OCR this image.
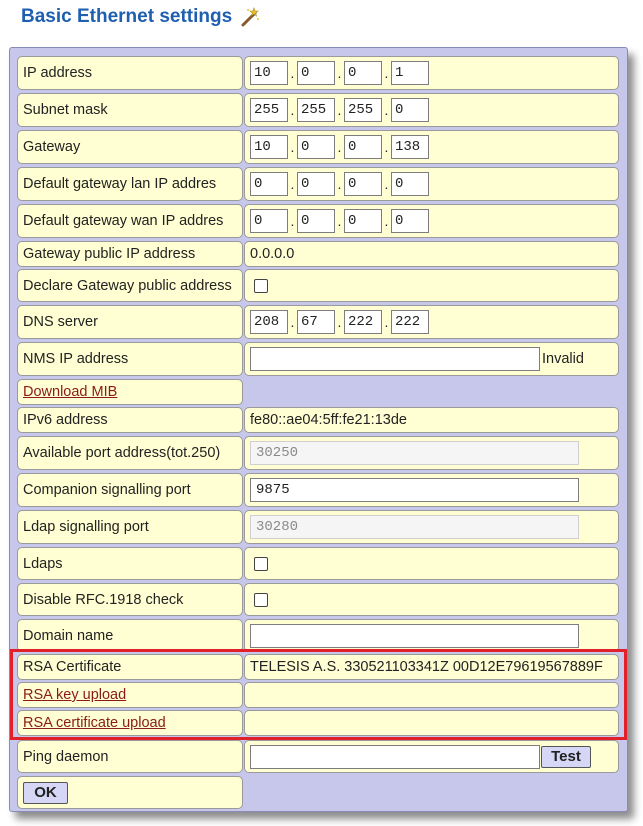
Basic Ethernet settings
IP address	10	. 0	. 0	. 1
Subnet mask	255 . 255 . 255 . 0
Gateway	10	. 0	. 0	. 138
Default gateway lan IP addres	0	. 0	. 0	. 0
Default gateway wan IP addres	0	. 0	. 0	. 0
Gateway public IP address	0.0.0.0
Declare Gateway public address
DNS server	208 . 67	. 222 . 222
NMS IP address	Invalid
Download MIB
IPv6 address	fe80::ae04:5ff:fe21:13de
Available port address(tot.250)	30250
Companion signalling port	9875
Ldap signalling port	30280
Ldaps
Disable RFC.1918 check
Domain name
RSA Certificate	TELESIS A.S. 330521103341Z 00D12E79619567889F
RSA key upload
RSA certificate upload
Ping daemon	Test
OK
